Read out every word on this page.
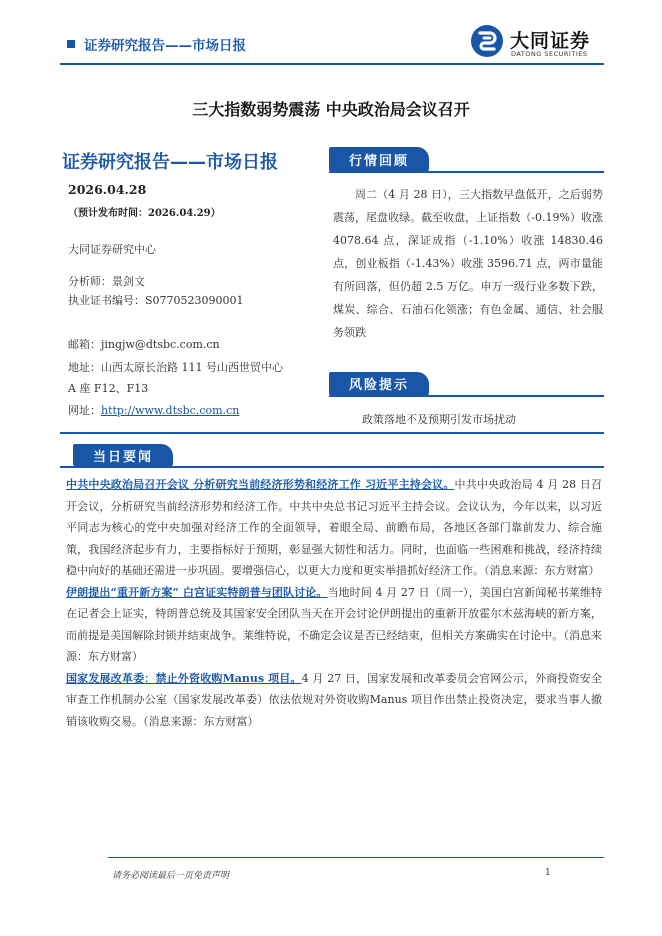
证券研究报告——市场日报	大同证券
DATONG SECURITIES
三大指数弱势震荡 中央政治局会议召开
证券研究报告——市场日报
2026.04.28
（预计发布时间：2026.04.29）
大同证券研究中心
分析师：景剑文
执业证书编号：S0770523090001
邮箱：jingjw@dtsbc.com.cn
地址：山西太原长治路 111 号山西世贸中心
A 座 F12、F13
网址：http://www.dtsbc.com.cn
行情回顾
周二（4 月 28 日），三大指数早盘低开，之后弱势震荡，尾盘收绿。截至收盘，上证指数（-0.19%）收涨 4078.64 点，深证成指（-1.10%）收涨 14830.46 点，创业板指（-1.43%）收涨 3596.71 点，两市量能有所回落，但仍超 2.5 万亿。申万一级行业多数下跌，煤炭、综合、石油石化领涨；有色金属、通信、社会服务领跌
风险提示
政策落地不及预期引发市场扰动
当日要闻

中共中央政治局召开会议 分析研究当前经济形势和经济工作 习近平主持会议。中共中央政治局 4 月 28 日召开会议，分析研究当前经济形势和经济工作。中共中央总书记习近平主持会议。会议认为，今年以来，以习近平同志为核心的党中央加强对经济工作的全面领导，着眼全局、前瞻布局，各地区各部门靠前发力、综合施策，我国经济起步有力，主要指标好于预期，彰显强大韧性和活力。同时，也面临一些困难和挑战，经济持续稳中向好的基础还需进一步巩固。要增强信心，以更大力度和更实举措抓好经济工作。（消息来源：东方财富）

伊朗提出“重开新方案” 白宫证实特朗普与团队讨论。当地时间 4 月 27 日（周一），美国白宫新闻秘书莱维特在记者会上证实，特朗普总统及其国家安全团队当天在开会讨论伊朗提出的重新开放霍尔木兹海峡的新方案，而前提是美国解除封锁并结束战争。莱维特说，不确定会议是否已经结束，但相关方案确实在讨论中。（消息来源：东方财富）

国家发展改革委：禁止外资收购Manus 项目。4 月 27 日，国家发展和改革委员会官网公示，外商投资安全审查工作机制办公室（国家发展改革委）依法依规对外资收购Manus 项目作出禁止投资决定，要求当事人撤销该收购交易。（消息来源：东方财富）

请务必阅读最后一页免责声明	1
